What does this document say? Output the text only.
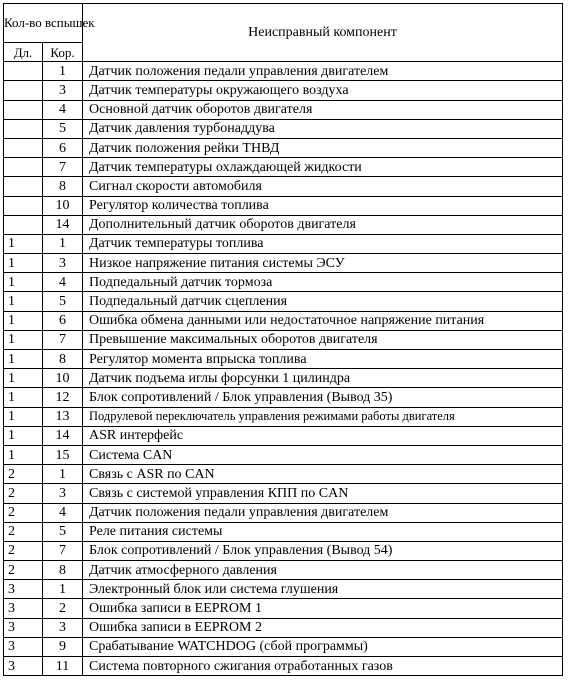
Кол-во вспышек		Неисправный компонент
Дл.	Кор.	
	1	Датчик положения педали управления двигателем
	3	Датчик температуры окружающего воздуха
	4	Основной датчик оборотов двигателя
	5	Датчик давления турбонаддува
	6	Датчик положения рейки ТНВД
	7	Датчик температуры охлаждающей жидкости
	8	Сигнал скорости автомобиля
	10	Регулятор количества топлива
	14	Дополнительный датчик оборотов двигателя
1	1	Датчик температуры топлива
1	3	Низкое напряжение питания системы ЭСУ
1	4	Подпедальный датчик тормоза
1	5	Подпедальный датчик сцепления
1	6	Ошибка обмена данными или недостаточное напряжение питания
1	7	Превышение максимальных оборотов двигателя
1	8	Регулятор момента впрыска топлива
1	10	Датчик подъема иглы форсунки 1 цилиндра
1	12	Блок сопротивлений / Блок управления (Вывод 35)
1	13	Подрулевой переключатель управления режимами работы двигателя
1	14	ASR интерфейс
1	15	Система CAN
2	1	Связь с ASR по CAN
2	3	Связь с системой управления КПП по CAN
2	4	Датчик положения педали управления двигателем
2	5	Реле питания системы
2	7	Блок сопротивлений / Блок управления (Вывод 54)
2	8	Датчик атмосферного давления
3	1	Электронный блок или система глушения
3	2	Ошибка записи в EEPROM 1
3	3	Ошибка записи в EEPROM 2
3	9	Срабатывание WATCHDOG (сбой программы)
3	11	Система повторного сжигания отработанных газов
